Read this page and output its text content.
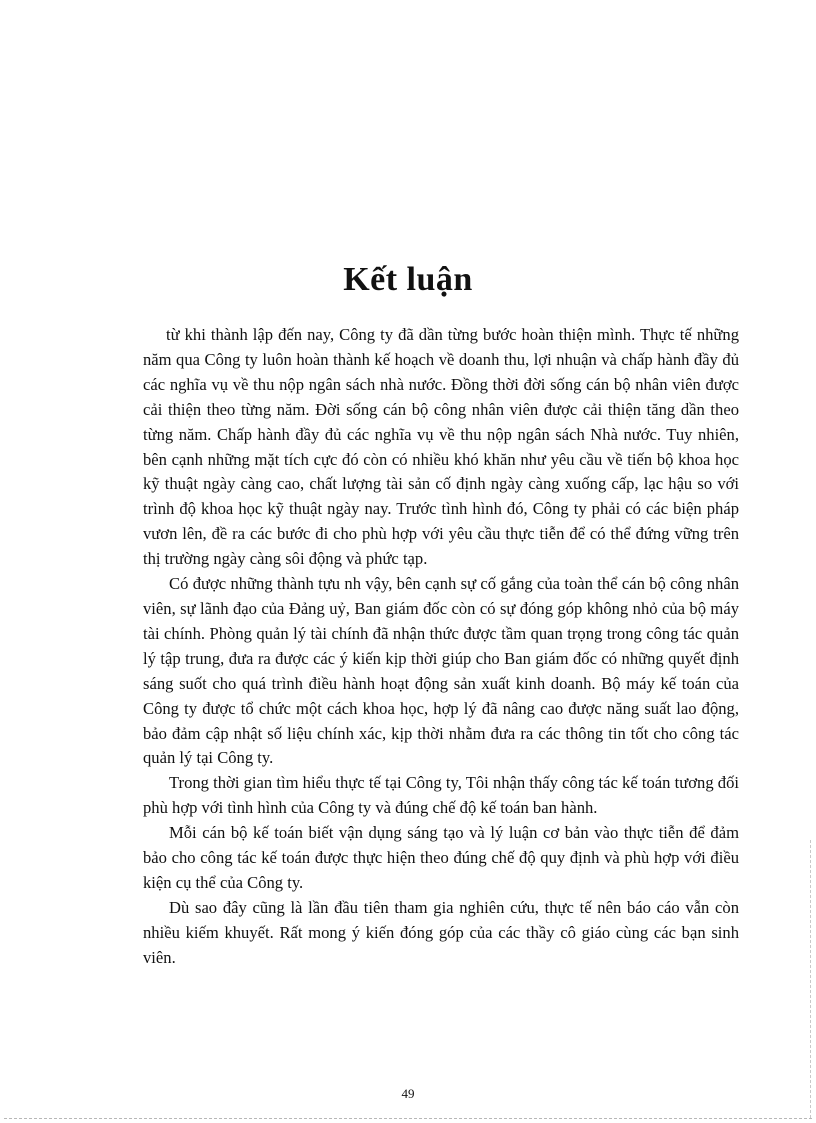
Kết luận

từ khi thành lập đến nay, Công ty đã dần từng bước hoàn thiện mình. Thực tế những năm qua Công ty luôn hoàn thành kế hoạch về doanh thu, lợi nhuận và chấp hành đầy đủ các nghĩa vụ về thu nộp ngân sách nhà nước. Đồng thời đời sống cán bộ nhân viên được cải thiện theo từng năm. Đời sống cán bộ công nhân viên được cải thiện tăng dần theo từng năm. Chấp hành đầy đủ các nghĩa vụ về thu nộp ngân sách Nhà nước. Tuy nhiên, bên cạnh những mặt tích cực đó còn có nhiều khó khăn như yêu cầu về tiến bộ khoa học kỹ thuật ngày càng cao, chất lượng tài sản cố định ngày càng xuống cấp, lạc hậu so với trình độ khoa học kỹ thuật ngày nay. Trước tình hình đó, Công ty phải có các biện pháp vươn lên, đề ra các bước đi cho phù hợp với yêu cầu thực tiễn để có thể đứng vững trên thị trường ngày càng sôi động và phức tạp.

Có được những thành tựu nh vậy, bên cạnh sự cố gắng của toàn thể cán bộ công nhân viên, sự lãnh đạo của Đảng uỷ, Ban giám đốc còn có sự đóng góp không nhỏ của bộ máy tài chính. Phòng quản lý tài chính đã nhận thức được tầm quan trọng trong công tác quản lý tập trung, đưa ra được các ý kiến kịp thời giúp cho Ban giám đốc có những quyết định sáng suốt cho quá trình điều hành hoạt động sản xuất kinh doanh. Bộ máy kế toán của Công ty được tổ chức một cách khoa học, hợp lý đã nâng cao được năng suất lao động, bảo đảm cập nhật số liệu chính xác, kịp thời nhằm đưa ra các thông tin tốt cho công tác quản lý tại Công ty.

Trong thời gian tìm hiểu thực tế tại Công ty, Tôi nhận thấy công tác kế toán tương đối phù hợp với tình hình của Công ty và đúng chế độ kế toán ban hành.

Mỗi cán bộ kế toán biết vận dụng sáng tạo và lý luận cơ bản vào thực tiễn để đảm bảo cho công tác kế toán được thực hiện theo đúng chế độ quy định và phù hợp với điều kiện cụ thể của Công ty.

Dù sao đây cũng là lần đầu tiên tham gia nghiên cứu, thực tế nên báo cáo vẫn còn nhiều kiếm khuyết. Rất mong ý kiến đóng góp của các thầy cô giáo cùng các bạn sinh viên.

49
